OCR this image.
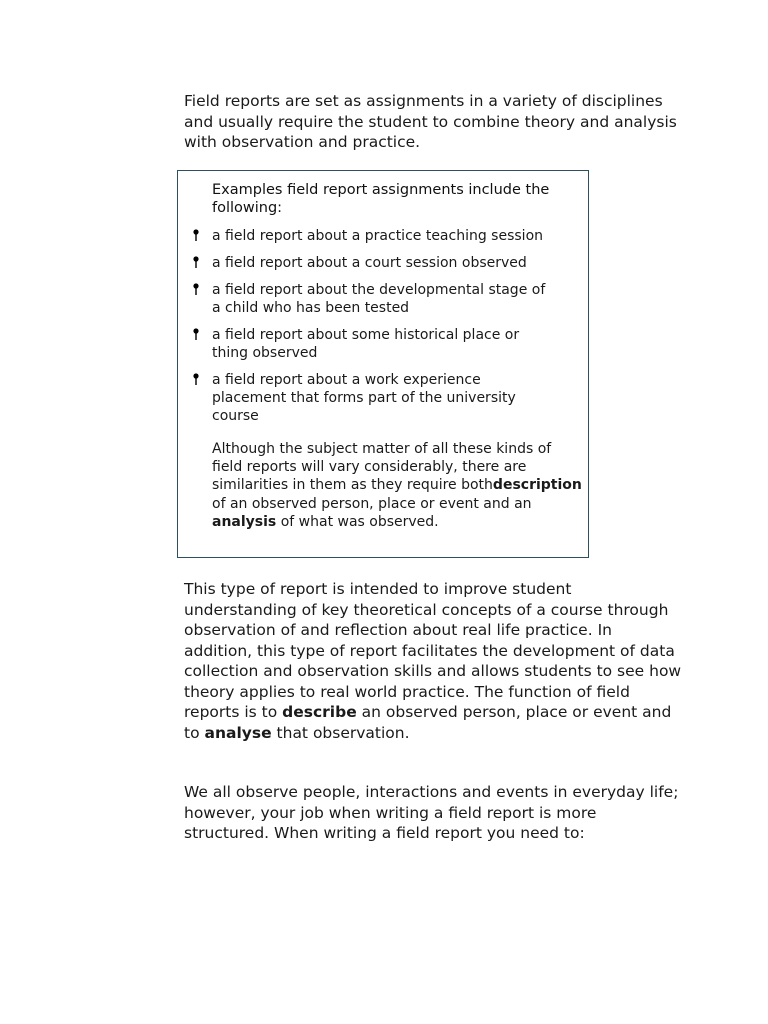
Field reports are set as assignments in a variety of disciplines and usually require the student to combine theory and analysis with observation and practice.

Examples field report assignments include the following:

a field report about a practice teaching session
a field report about a court session observed
a field report about the developmental stage of a child who has been tested
a field report about some historical place or thing observed
a field report about a work experience placement that forms part of the university course

Although the subject matter of all these kinds of field reports will vary considerably, there are similarities in them as they require bothdescription of an observed person, place or event and an analysis of what was observed.

This type of report is intended to improve student understanding of key theoretical concepts of a course through observation of and reflection about real life practice. In addition, this type of report facilitates the development of data collection and observation skills and allows students to see how theory applies to real world practice. The function of field reports is to describe an observed person, place or event and to analyse that observation.

We all observe people, interactions and events in everyday life; however, your job when writing a field report is more structured. When writing a field report you need to:
